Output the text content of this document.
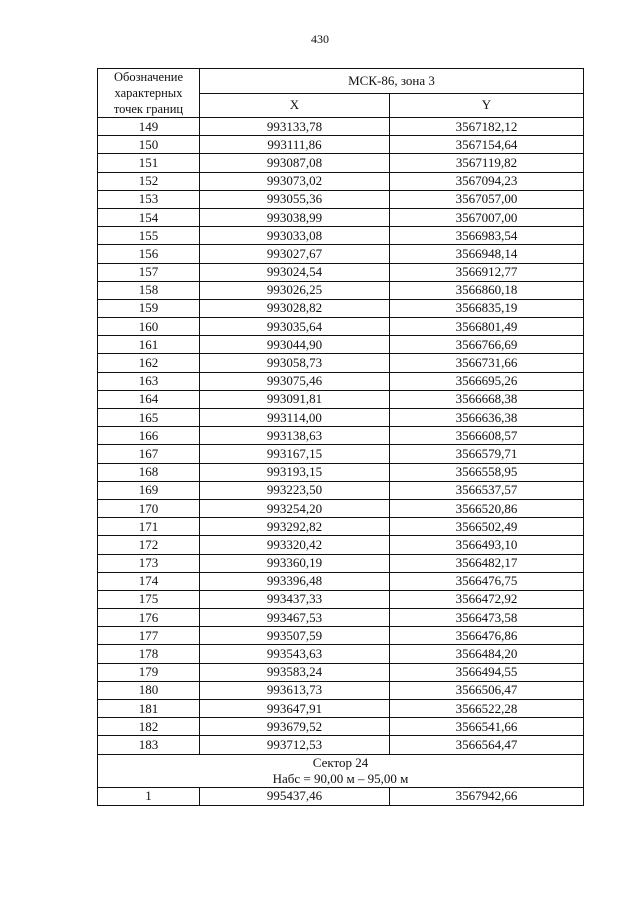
430
Обозначение
характерных
точек границ	МСК-86, зона 3	
	X	Y
149	993133,78	3567182,12
150	993111,86	3567154,64
151	993087,08	3567119,82
152	993073,02	3567094,23
153	993055,36	3567057,00
154	993038,99	3567007,00
155	993033,08	3566983,54
156	993027,67	3566948,14
157	993024,54	3566912,77
158	993026,25	3566860,18
159	993028,82	3566835,19
160	993035,64	3566801,49
161	993044,90	3566766,69
162	993058,73	3566731,66
163	993075,46	3566695,26
164	993091,81	3566668,38
165	993114,00	3566636,38
166	993138,63	3566608,57
167	993167,15	3566579,71
168	993193,15	3566558,95
169	993223,50	3566537,57
170	993254,20	3566520,86
171	993292,82	3566502,49
172	993320,42	3566493,10
173	993360,19	3566482,17
174	993396,48	3566476,75
175	993437,33	3566472,92
176	993467,53	3566473,58
177	993507,59	3566476,86
178	993543,63	3566484,20
179	993583,24	3566494,55
180	993613,73	3566506,47
181	993647,91	3566522,28
182	993679,52	3566541,66
183	993712,53	3566564,47
Сектор 24
Набс = 90,00 м – 95,00 м		
1	995437,46	3567942,66
